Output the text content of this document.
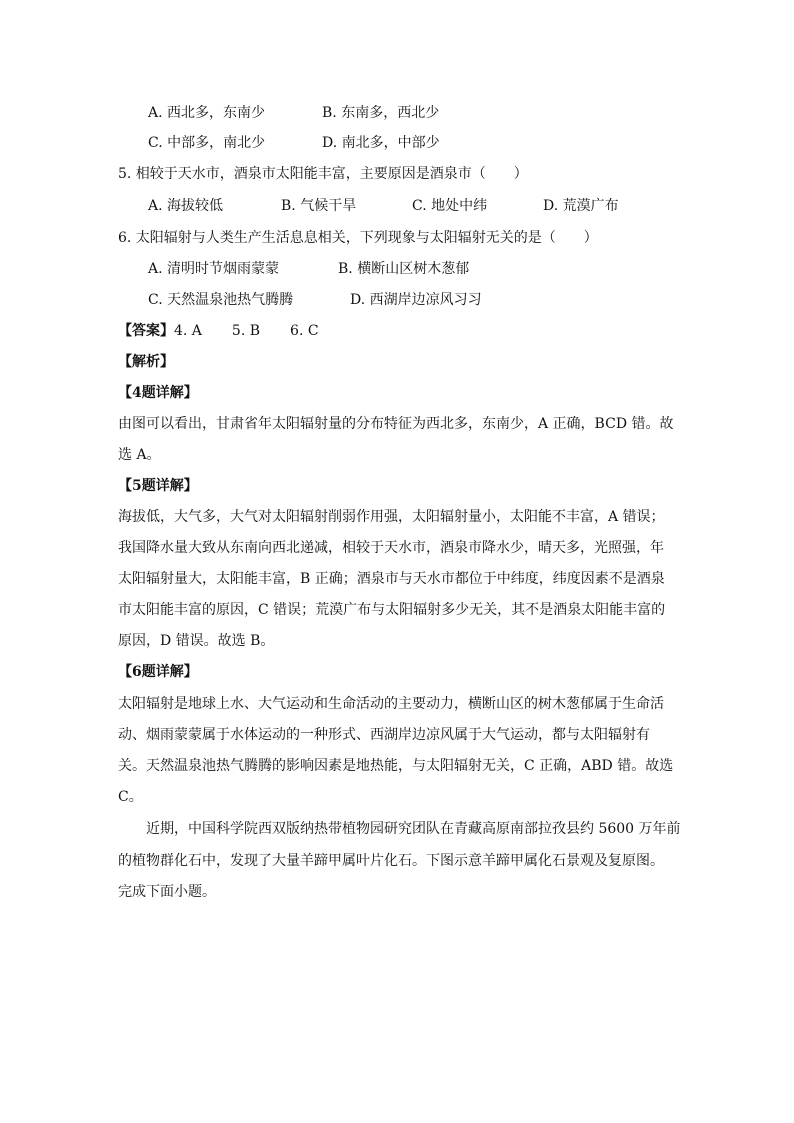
A. 西北多，东南少	B. 东南多，西北少
C. 中部多，南北少	D. 南北多，中部少
5. 相较于天水市，酒泉市太阳能丰富，主要原因是酒泉市（　　）
A. 海拔较低	B. 气候干旱	C. 地处中纬	D. 荒漠广布
6. 太阳辐射与人类生产生活息息相关，下列现象与太阳辐射无关的是（　　）
A. 清明时节烟雨蒙蒙	B. 横断山区树木葱郁
C. 天然温泉池热气腾腾	D. 西湖岸边凉风习习
【答案】4. A 5. B 6. C
【解析】
【4题详解】
由图可以看出，甘肃省年太阳辐射量的分布特征为西北多，东南少，A 正确，BCD 错。故
选 A。
【5题详解】
海拔低，大气多，大气对太阳辐射削弱作用强，太阳辐射量小，太阳能不丰富，A 错误；
我国降水量大致从东南向西北递减，相较于天水市，酒泉市降水少，晴天多，光照强，年
太阳辐射量大，太阳能丰富，B 正确；酒泉市与天水市都位于中纬度，纬度因素不是酒泉
市太阳能丰富的原因，C 错误；荒漠广布与太阳辐射多少无关，其不是酒泉太阳能丰富的
原因，D 错误。故选 B。
【6题详解】
太阳辐射是地球上水、大气运动和生命活动的主要动力，横断山区的树木葱郁属于生命活
动、烟雨蒙蒙属于水体运动的一种形式、西湖岸边凉风属于大气运动，都与太阳辐射有
关。天然温泉池热气腾腾的影响因素是地热能，与太阳辐射无关，C 正确，ABD 错。故选
C。
　　近期，中国科学院西双版纳热带植物园研究团队在青藏高原南部拉孜县约 5600 万年前
的植物群化石中，发现了大量羊蹄甲属叶片化石。下图示意羊蹄甲属化石景观及复原图。
完成下面小题。
